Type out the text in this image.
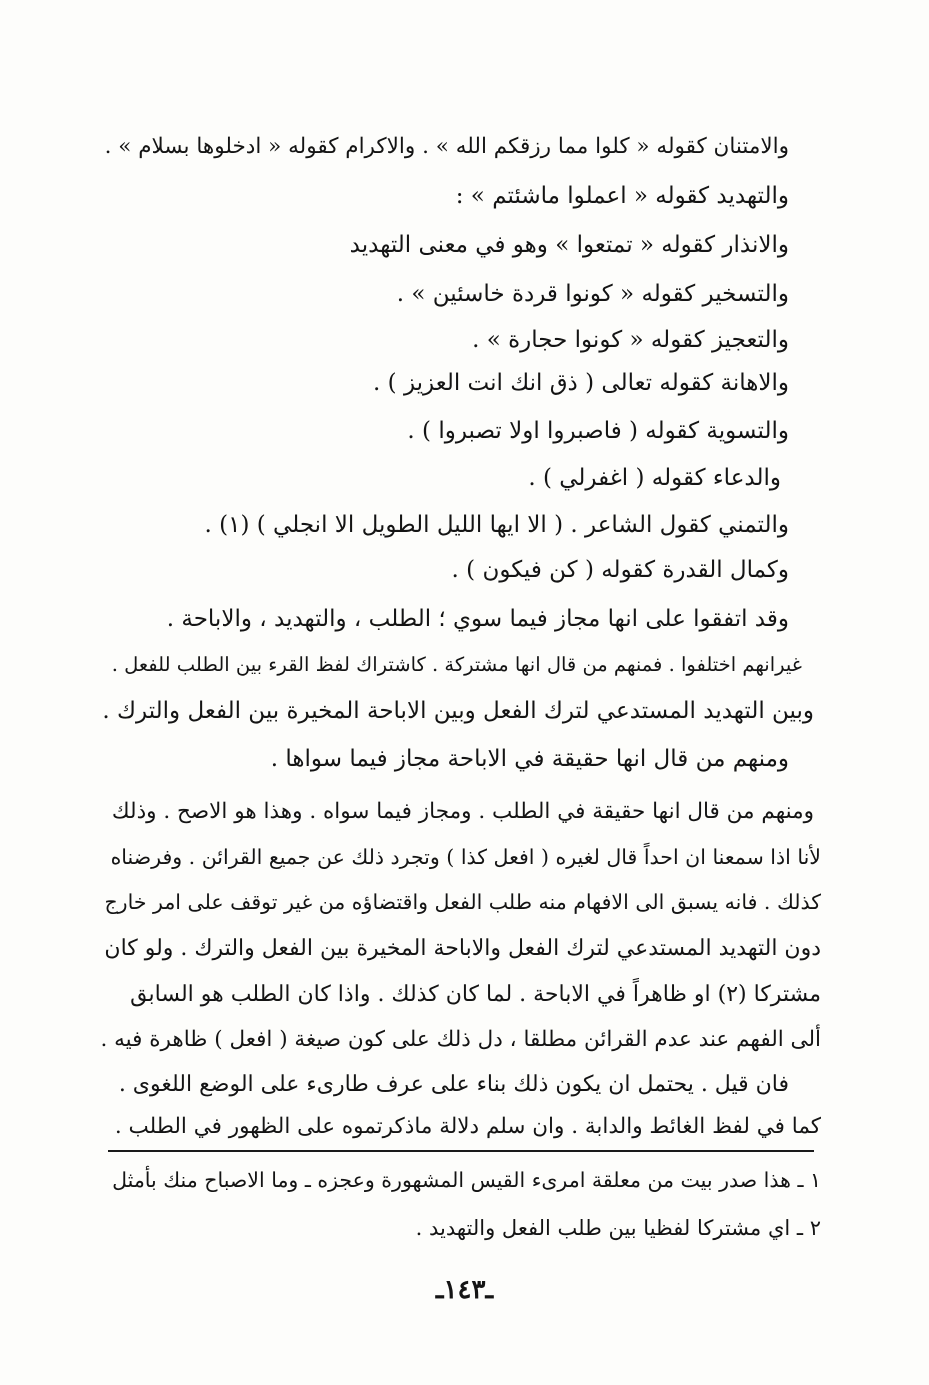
والامتنان كقوله « كلوا مما رزقكم الله » . والاكرام كقوله « ادخلوها بسلام » .
والتهديد كقوله « اعملوا ماشئتم » :
والانذار كقوله « تمتعوا » وهو في معنى التهديد
والتسخير كقوله « كونوا قردة خاسئين » .
والتعجيز كقوله « كونوا حجارة » .
والاهانة كقوله تعالى ( ذق انك انت العزيز ) .
والتسوية كقوله ( فاصبروا اولا تصبروا ) .
والدعاء كقوله ( اغفرلي ) .
والتمني كقول الشاعر . ( الا ايها الليل الطويل الا انجلي ) (١) .
وكمال القدرة كقوله ( كن فيكون ) .
وقد اتفقوا على انها مجاز فيما سوي ؛ الطلب ، والتهديد ، والاباحة .
غيرانهم اختلفوا . فمنهم من قال انها مشتركة . كاشتراك لفظ القرء بين الطلب للفعل .
وبين التهديد المستدعي لترك الفعل وبين الاباحة المخيرة بين الفعل والترك .
ومنهم من قال انها حقيقة في الاباحة مجاز فيما سواها .
ومنهم من قال انها حقيقة في الطلب . ومجاز فيما سواه . وهذا هو الاصح . وذلك
لأنا اذا سمعنا ان احداً قال لغيره ( افعل كذا ) وتجرد ذلك عن جميع القرائن . وفرضناه
كذلك . فانه يسبق الى الافهام منه طلب الفعل واقتضاؤه من غير توقف على امر خارج
دون التهديد المستدعي لترك الفعل والاباحة المخيرة بين الفعل والترك . ولو كان
مشتركا (٢) او ظاهراً في الاباحة . لما كان كذلك . واذا كان الطلب هو السابق
ألى الفهم عند عدم القرائن مطلقا ، دل ذلك على كون صيغة ( افعل ) ظاهرة فيه .
فان قيل . يحتمل ان يكون ذلك بناء على عرف طارىء على الوضع اللغوى .
كما في لفظ الغائط والدابة . وان سلم دلالة ماذكرتموه على الظهور في الطلب .
١ ـ هذا صدر بيت من معلقة امرىء القيس المشهورة وعجزه ـ وما الاصباح منك بأمثل
٢ ـ اي مشتركا لفظيا بين طلب الفعل والتهديد .
ـ١٤٣ـ
